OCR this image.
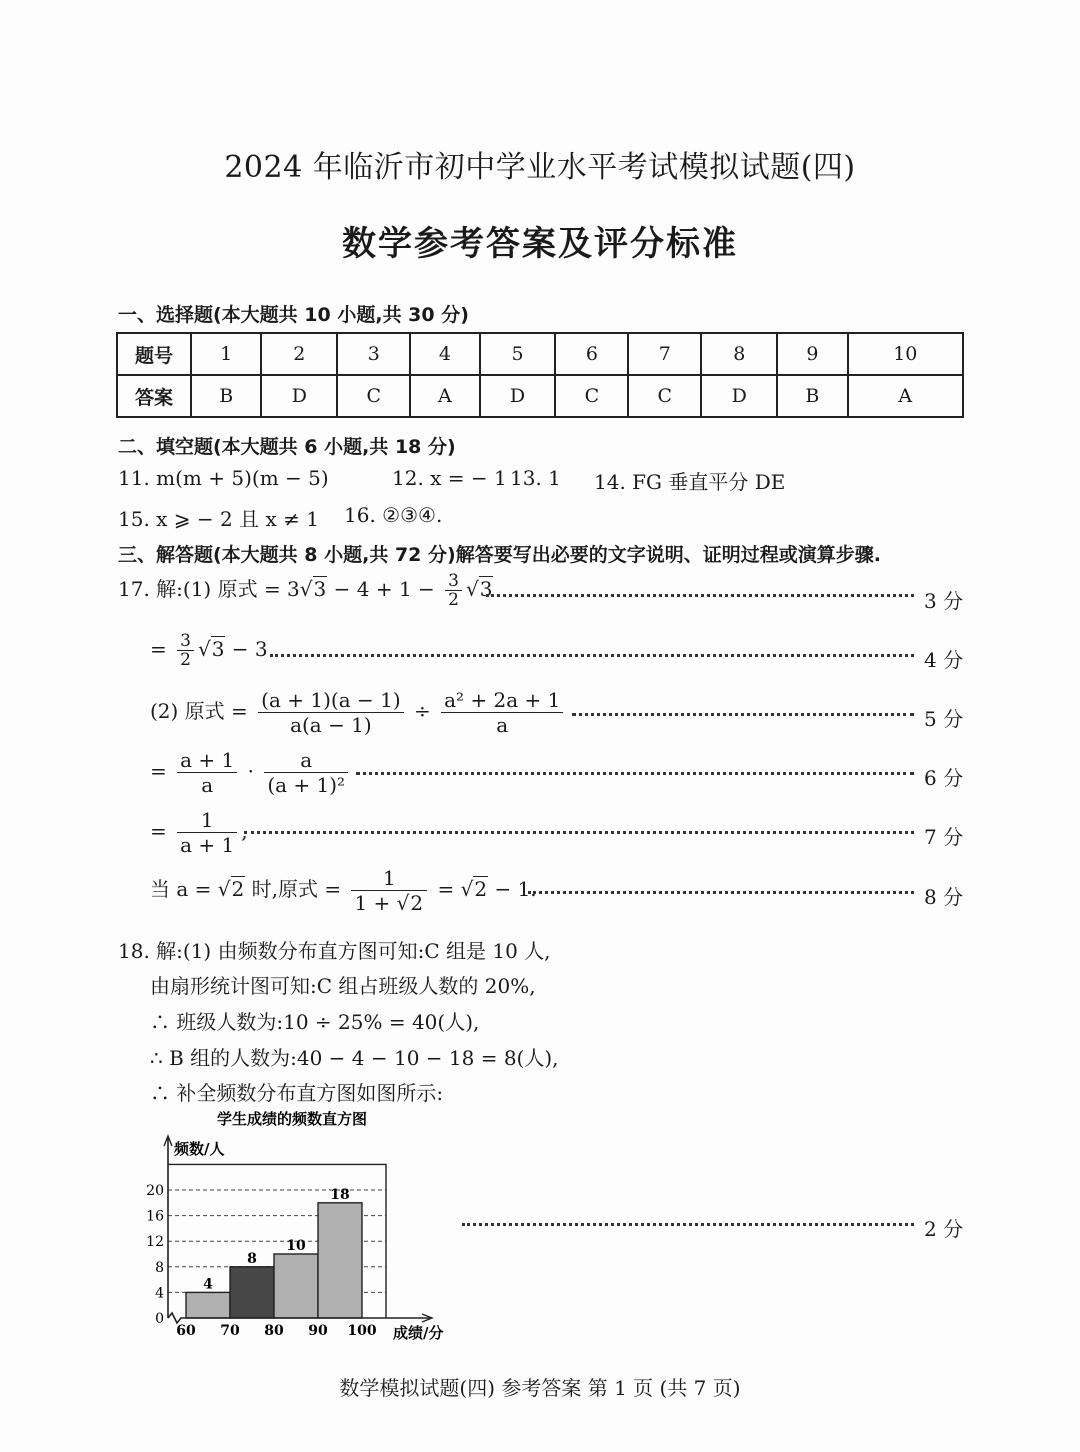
2024 年临沂市初中学业水平考试模拟试题(四)
数学参考答案及评分标准
一、选择题(本大题共 10 小题,共 30 分)
题号	1	2	3	4	5	6	7	8	9	10
答案	B	D	C	A	D	C	C	D	B	A
二、填空题(本大题共 6 小题,共 18 分)
11. m(m + 5)(m − 5)	12. x = − 1 13. 1 14. FG 垂直平分 DE
15. x ⩾ − 2 且 x ≠ 1 16. ②③④.
三、解答题(本大题共 8 小题,共 72 分)解答要写出必要的文字说明、证明过程或演算步骤.
17. 解:(1) 原式 = $3√3 - 4 + 1 - \frac{3}{2} √3$	3 分
= $\frac{3}{2} √3 - 3$	4 分
(2) 原式 = $\frac{(a + 1)(a - 1)}{a(a - 1)} \div \frac{\text{a² + 2a + 1}}{a}$	5 分
= $\frac{a + 1}{a} \cdot \frac{a}{\text{(a + 1)²}}$	6 分
= $\frac{1}{a + 1}$ ,	7 分
当 a = √2 时,原式 = $\frac{1}{1 + √2} = √2 - 1$.	8 分
18. 解:(1) 由频数分布直方图可知:C 组是 10 人,
由扇形统计图可知:C 组占班级人数的 20%,
∴ 班级人数为:10 ÷ 25% = 40(人),
∴ B 组的人数为:40 − 4 − 10 − 18 = 8(人),
∴ 补全频数分布直方图如图所示:
学生成绩的频数直方图
频数/人
成绩/分
0
4
8
12
16
20
4
8
10
18
60 70 80 90 100
2 分
数学模拟试题(四) 参考答案 第 1 页 (共 7 页)
